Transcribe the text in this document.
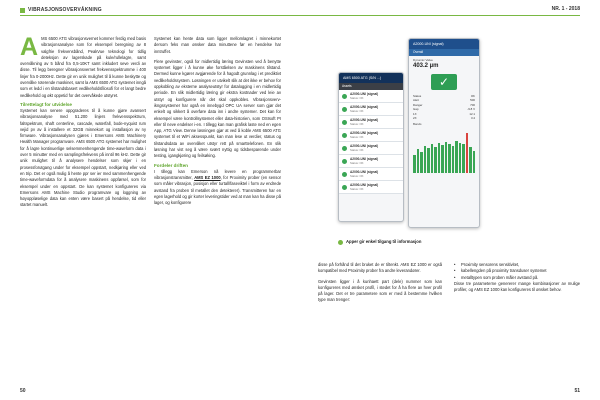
VIBRASJONSOVERVÅKNING	NR. 1 - 2018

AMS 6500 ATG vibrasjonsvernet kommer ferdig med basis vibrasjonsanalyse som for eksempel beregning av 8 valgfrie frekvensbånd, PeakVue teknologi for tidlig deteksjon av lagerskade på kule/rullelagre, samt overvåkning av 5 bånd fra 0,5-10KT samt inkludert seve verdi av disse. Til legg beregner vibrasjonsvernet frekvensspektrumme i 400 linjer fra 0-2000Hz. Dette gir en unik mulighet til å kunne beskytte og overvåke roterende maskinet, samt la AMS 6500 ATG systemet inngå som et ledd i en tilstandsbasert vedlikeholdsfilosofi for et langt bedre vedlikehold og økt oppetid for det overvåkede utstyret.

Tilrettelagt for utvidelse

Systemet kan senere oppgraderes til å kunne gjøre avansert vibrasjonsanalyse med 51.200 linjers frekvensspektrum, faltspektrum, shaft centerline, cascade, waterfall, bode-nyquist rum vejid pv av å installere et 32GB minnekort og installasjon av ny firmware. Vibrasjonsanalysen gjøres i Emersons AMS Machinery Health Manager programvare. AMS 6500 ATG systemet har mulighet for å lagre kontinuerlige selsemmenhengende time-waveform data i over 5 minutter med en samplingsfrekvens på inntil 96 kHz. Dette gir unik mulighet til å analysere hendelser som skjer i en prosessforutgang under for eksempel oppstart, nedkjøring eller ved en trip. Det er også mulig å hente ppr ser ier med sammenhengende time-waveformdata for å analysere maskinens oppførsel, som for eksempel under en oppstart. De kan systemet konfigureres via Emersons AMS Machine Studio programvare og loggning av høyoppløselige data kan enten være basert på hendelse, tid eller startet manuelt.

Systemet kan hente data som ligger mellomlagret i minnekortet dersom feks man ønsker data minuttene før en hendelse har inntruffet.

Flere gevinster, også for midlertidig læring Gevinsten ved å benytte systemet ligger i å kunne øke forståelsen av maskinens tilstand. Dermed kunne kgører avgjørende for å hagodt grunnlag i et prediktivt vedlikeholdssystem. Løsningen er utvikelt slik at det ikke er behov for oppkobling av eksterne analyseutstyr for datalogging i en midlertidig periode. En slik midlertidig læring gir ekstra kostnader ved leie av utstyr og konfigurere når det skal oppkobles. Vibrasjonsverv-ikngssystemer har også en innebygd OPC UA server som gjør det enkelt og sikkert å overføre data inn i andre systemer. Det kan for eksempel være kontrollsystemet eller data-historien, som OSIsoft PI eller til neve endelser i-en. I tillegg kan man grafisk laste ned en egen App, ATG View. Denne løsningen gjør at ved å koble AMS 6500 ATG systemet til et WiFi aksesspunkt, kan man lese ut verdier, status og tilstandsdata av overvåket utstyr rett på smarttelefonen. En slik løsning har vist seg å være svært nyttig og tidsbesparende under testing, igangkjøring og feilsøking.

Fordeler driften

I tillegg kan Emerson nå levere en programmerbar vibrasjonstransmitter, AMS EZ 1000, for Proximity prober (en sensor som måler vibrasjon, posisjon eller turtall/faseviktel i form av endrede avstand fra proben til metallet den detekterer). Transmitteren har en egen lagerhold og gir korter leveringstider ved at man kan ha disse på lager, og konfigurere

50
AMS 6500 ATG (S/N ...)
Assets
A2000-UNI (signal)
Status: OK
A2000-UNI (signal)
Status: OK
A2000-UNI (signal)
Status: OK
A2000-UNI (signal)
Status: OK
A2000-UNI (signal)
Status: OK
A2000-UNI (signal)
Status: OK
A2000-UNI (signal)
Status: OK
A2000-UNI (signal)
Status: OK
A2000-UNI (signal)
Overall
Dynamic Value
403.2 µm
✓
Status	OK
Alert	500
Danger	700
Gap	-9.8 V
1X	12.1
2X	3.4
Bands
Apper gir enkel tilgang til informasjon

disse på forhånd til det bruket de er tiltenkt. AMS EZ 1000 er også kompatibel med Proximity prober fra andre leverandører.

Gevinsten ligger i å kunhaett part (dele) nummer som kan konfigureres med ønsket profil, i stedet for å ha flere av hver profil på lager. Det er tre parametere som er med å bestemme hvilken type man trenger:

• Proximity sensorens sensitivitet,
• kabellengden på proximity transduser systemet
• metalltypen som proben måler avstand på.

Disse tre parameterne genererer mange kombinasjoner av mulige profiler, og AMS EZ 1000 kan konfigureres til ønsket behov.

51
